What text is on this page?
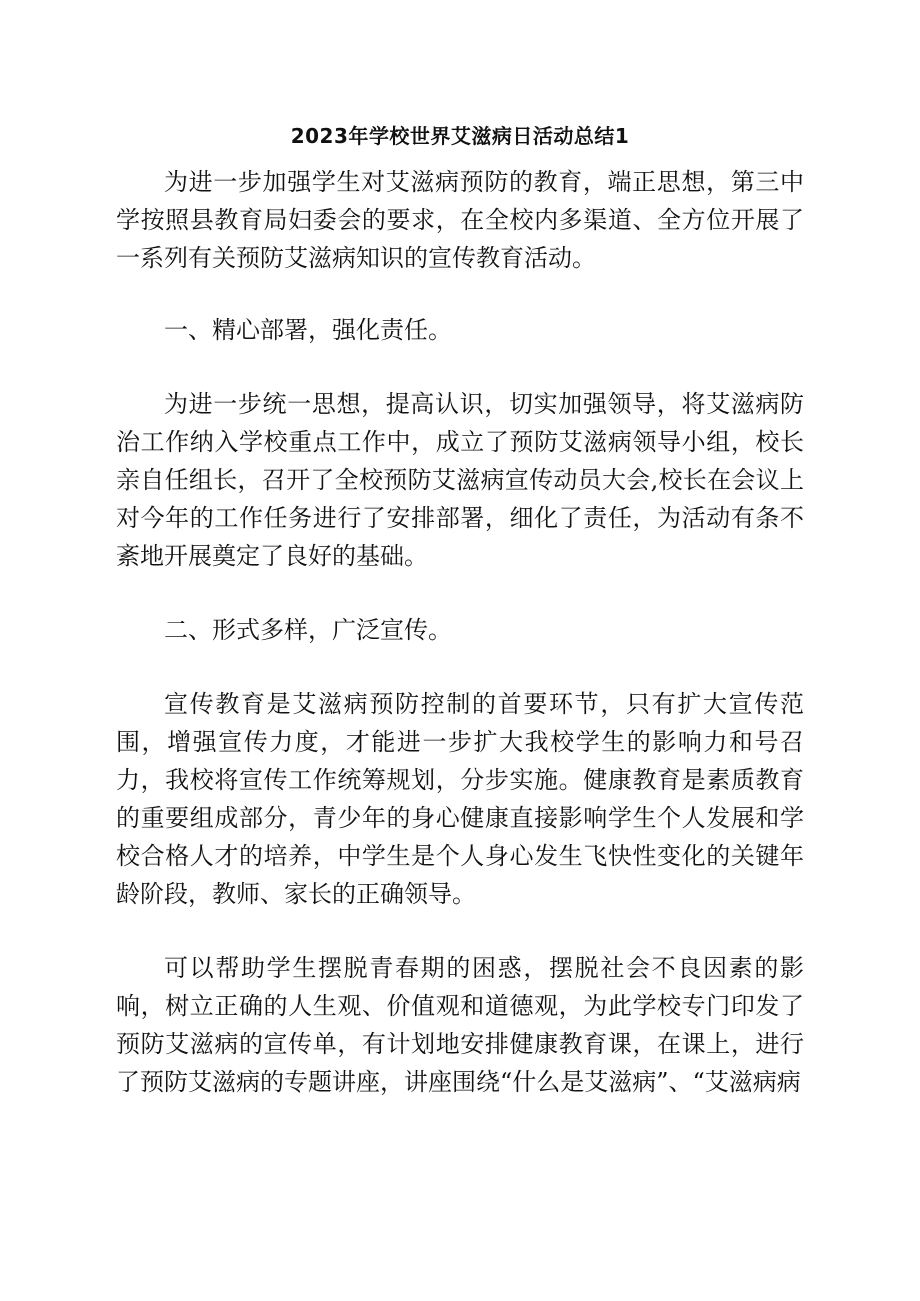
2023年学校世界艾滋病日活动总结1

为进一步加强学生对艾滋病预防的教育，端正思想，第三中学按照县教育局妇委会的要求，在全校内多渠道、全方位开展了一系列有关预防艾滋病知识的宣传教育活动。

一、精心部署，强化责任。

为进一步统一思想，提高认识，切实加强领导，将艾滋病防治工作纳入学校重点工作中，成立了预防艾滋病领导小组，校长亲自任组长，召开了全校预防艾滋病宣传动员大会,校长在会议上对今年的工作任务进行了安排部署，细化了责任，为活动有条不紊地开展奠定了良好的基础。

二、形式多样，广泛宣传。

宣传教育是艾滋病预防控制的首要环节，只有扩大宣传范围，增强宣传力度，才能进一步扩大我校学生的影响力和号召力，我校将宣传工作统筹规划，分步实施。健康教育是素质教育的重要组成部分，青少年的身心健康直接影响学生个人发展和学校合格人才的培养，中学生是个人身心发生飞快性变化的关键年龄阶段，教师、家长的正确领导。

可以帮助学生摆脱青春期的困惑，摆脱社会不良因素的影响，树立正确的人生观、价值观和道德观，为此学校专门印发了预防艾滋病的宣传单，有计划地安排健康教育课，在课上，进行了预防艾滋病的专题讲座，讲座围绕“什么是艾滋病”、“艾滋病病
